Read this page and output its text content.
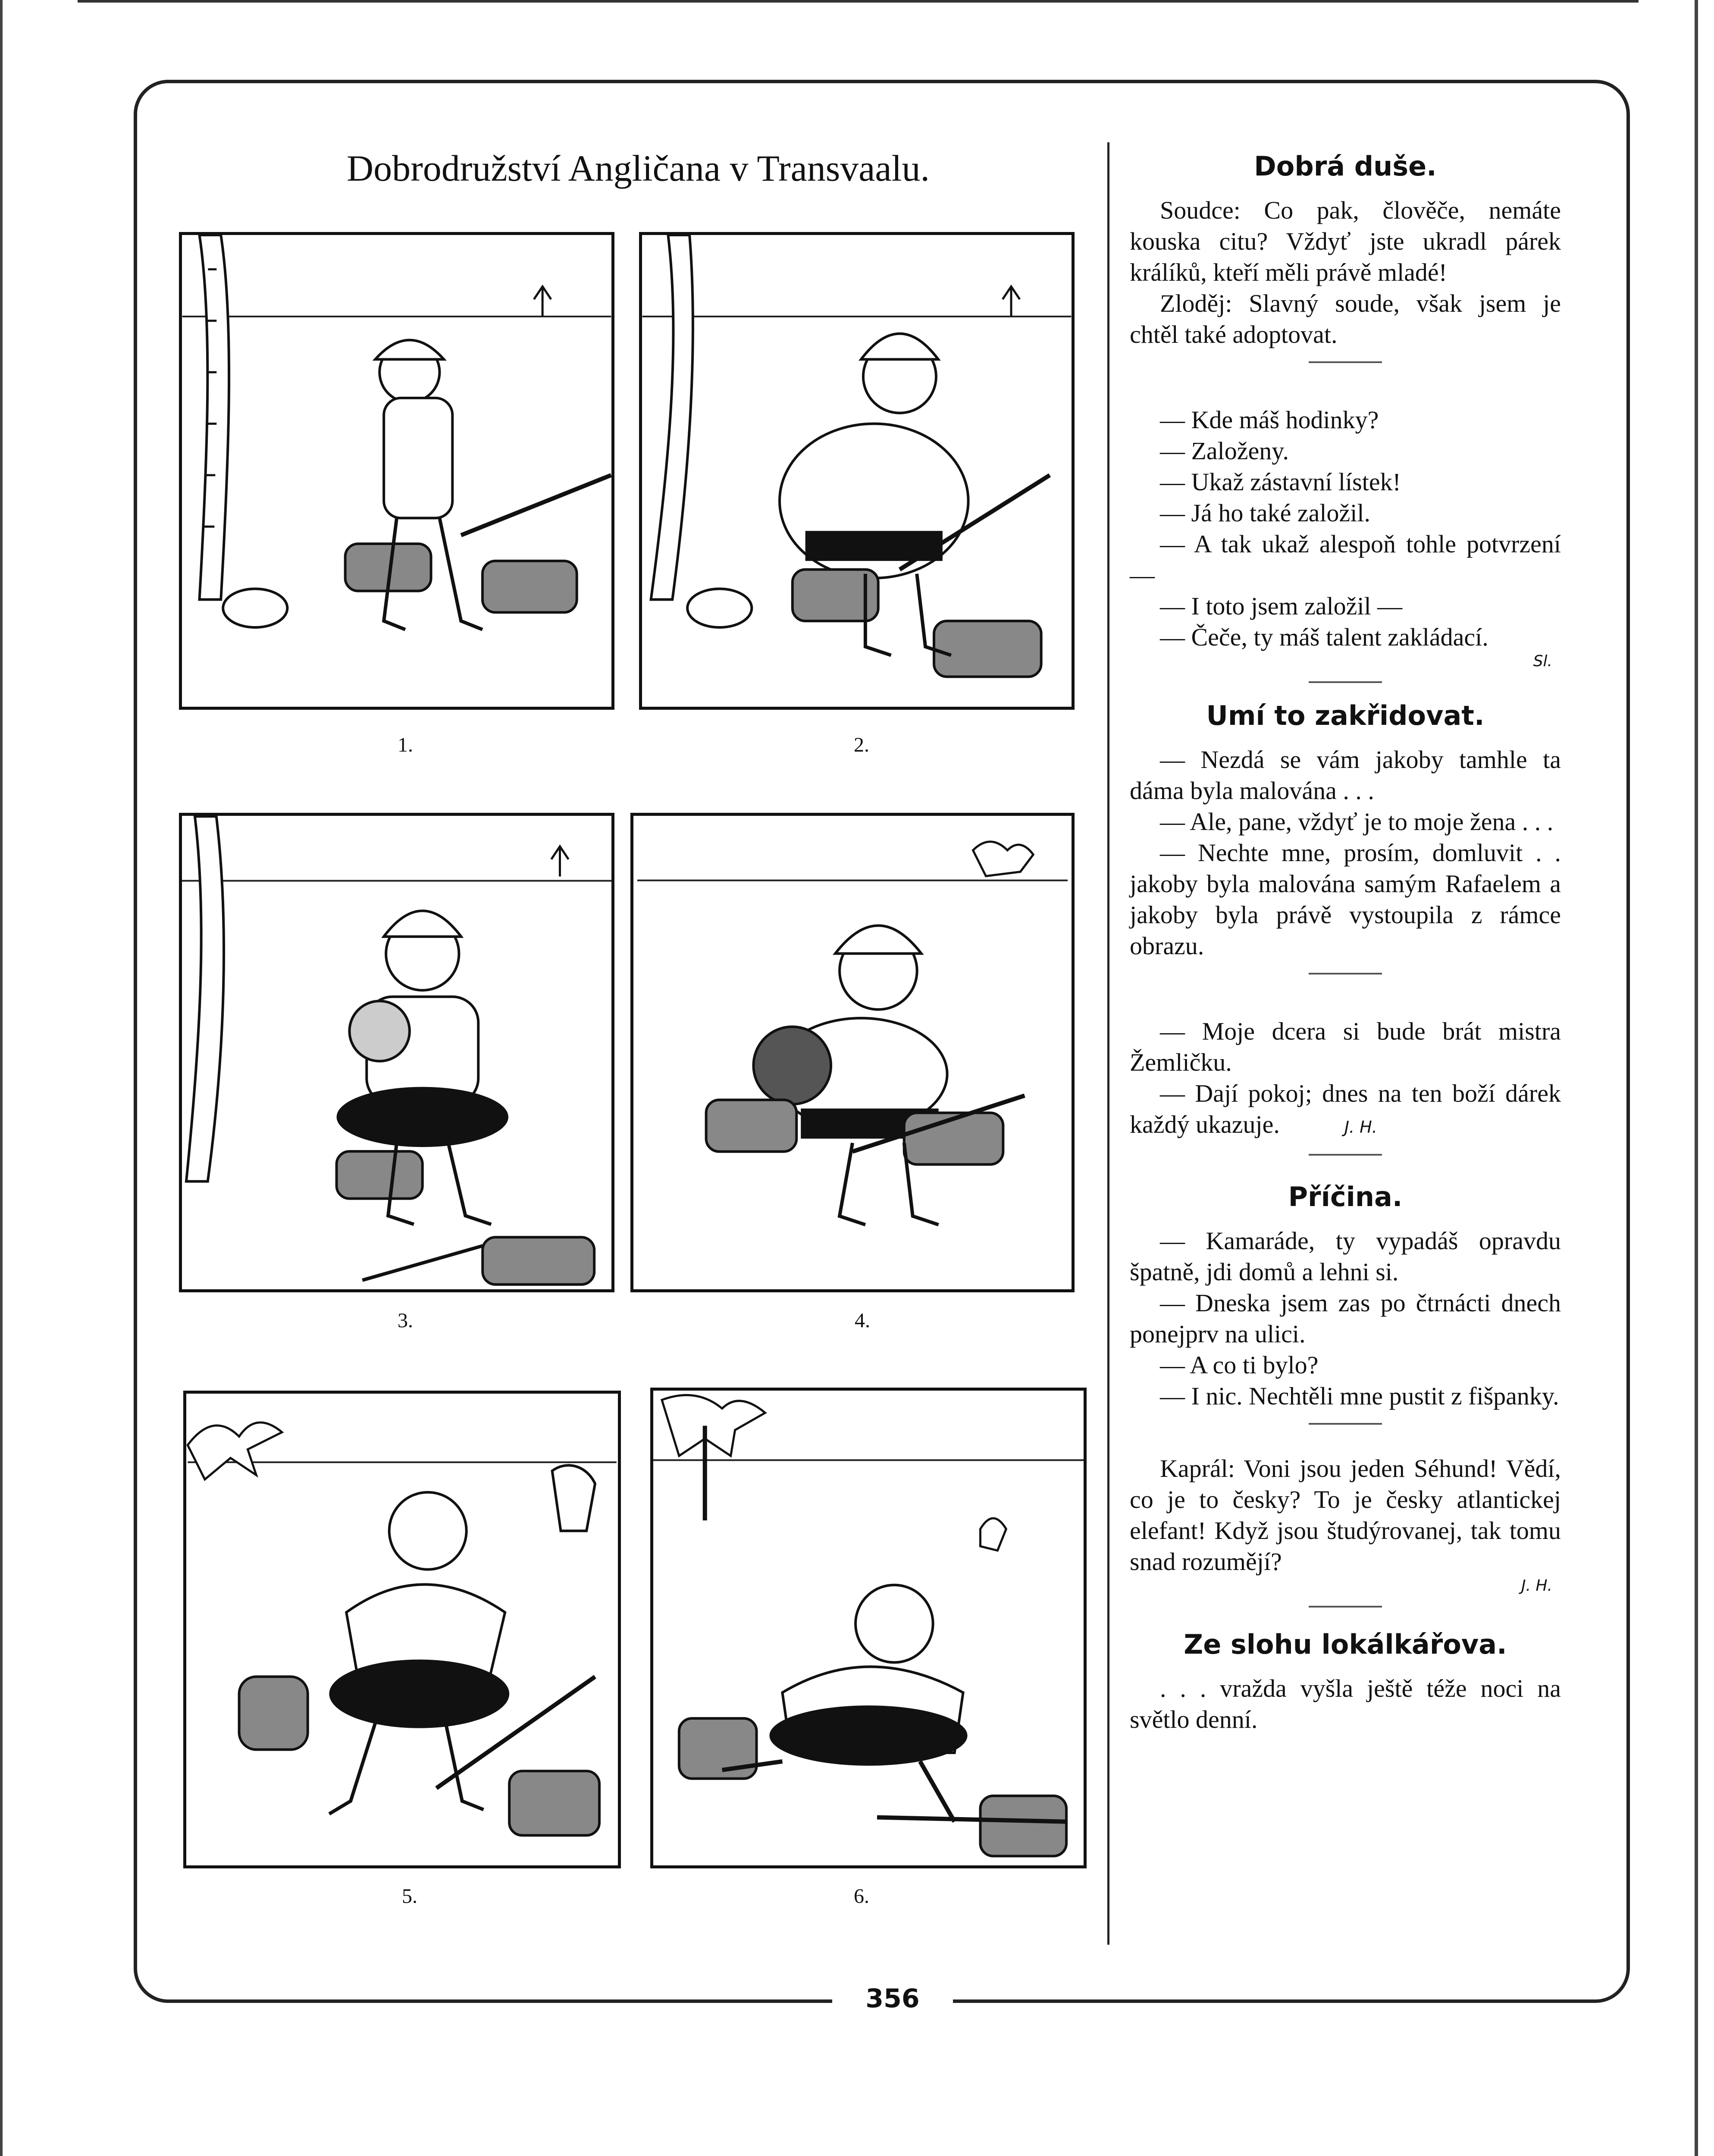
Dobrodružství Angličana v Transvaalu.
1.	2.
3.	4.
5.	6.
Dobrá duše.

Soudce: Co pak, člověče, nemáte kouska citu? Vždyť jste ukradl párek králíků, kteří měli právě mladé!

Zloděj: Slavný soude, však jsem je chtěl také adoptovat.

— Kde máš hodinky?

— Založeny.

— Ukaž zástavní lístek!

— Já ho také založil.

— A tak ukaž alespoň tohle potvrzení —

— I toto jsem založil —

— Čeče, ty máš talent zakládací.

Sl.
Umí to zakřidovat.

— Nezdá se vám jakoby tamhle ta dáma byla malována . . .

— Ale, pane, vždyť je to moje žena . . .

— Nechte mne, prosím, domluvit . . jakoby byla malována samým Rafaelem a jakoby byla právě vystoupila z rámce obrazu.

— Moje dcera si bude brát mistra Žemličku.

— Dají pokoj; dnes na ten boží dárek každý ukazuje.	J. H.

Příčina.

— Kamaráde, ty vypadáš opravdu špatně, jdi domů a lehni si.

— Dneska jsem zas po čtrnácti dnech ponejprv na ulici.

— A co ti bylo?

— I nic. Nechtěli mne pustit z fišpanky.

Kaprál: Voni jsou jeden Séhund! Vědí, co je to česky? To je česky atlantickej elefant! Když jsou študýrovanej, tak tomu snad rozumějí?

J. H.
Ze slohu lokálkářova.

. . . vražda vyšla ještě téže noci na světlo denní.

356
